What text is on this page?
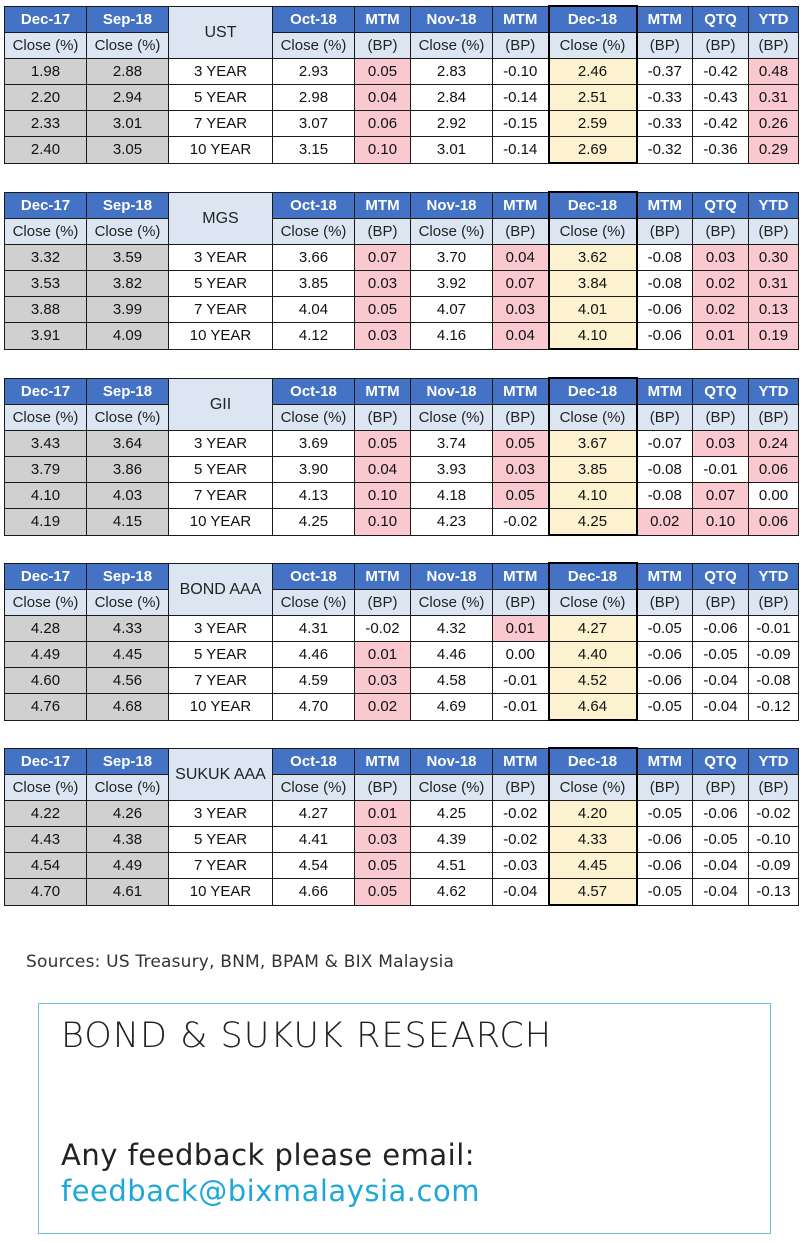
Dec-17	Sep-18	UST	Oct-18	MTM	Nov-18	MTM	Dec-18	MTM	QTQ	YTD
Close (%)	Close (%)		Close (%)	(BP)	Close (%)	(BP)	Close (%)	(BP)	(BP)	(BP)
1.98	2.88	3 YEAR	2.93	0.05	2.83	-0.10	2.46	-0.37	-0.42	0.48
2.20	2.94	5 YEAR	2.98	0.04	2.84	-0.14	2.51	-0.33	-0.43	0.31
2.33	3.01	7 YEAR	3.07	0.06	2.92	-0.15	2.59	-0.33	-0.42	0.26
2.40	3.05	10 YEAR	3.15	0.10	3.01	-0.14	2.69	-0.32	-0.36	0.29
Dec-17	Sep-18	MGS	Oct-18	MTM	Nov-18	MTM	Dec-18	MTM	QTQ	YTD
Close (%)	Close (%)		Close (%)	(BP)	Close (%)	(BP)	Close (%)	(BP)	(BP)	(BP)
3.32	3.59	3 YEAR	3.66	0.07	3.70	0.04	3.62	-0.08	0.03	0.30
3.53	3.82	5 YEAR	3.85	0.03	3.92	0.07	3.84	-0.08	0.02	0.31
3.88	3.99	7 YEAR	4.04	0.05	4.07	0.03	4.01	-0.06	0.02	0.13
3.91	4.09	10 YEAR	4.12	0.03	4.16	0.04	4.10	-0.06	0.01	0.19
Dec-17	Sep-18	GII	Oct-18	MTM	Nov-18	MTM	Dec-18	MTM	QTQ	YTD
Close (%)	Close (%)		Close (%)	(BP)	Close (%)	(BP)	Close (%)	(BP)	(BP)	(BP)
3.43	3.64	3 YEAR	3.69	0.05	3.74	0.05	3.67	-0.07	0.03	0.24
3.79	3.86	5 YEAR	3.90	0.04	3.93	0.03	3.85	-0.08	-0.01	0.06
4.10	4.03	7 YEAR	4.13	0.10	4.18	0.05	4.10	-0.08	0.07	0.00
4.19	4.15	10 YEAR	4.25	0.10	4.23	-0.02	4.25	0.02	0.10	0.06
Dec-17	Sep-18	BOND AAA	Oct-18	MTM	Nov-18	MTM	Dec-18	MTM	QTQ	YTD
Close (%)	Close (%)		Close (%)	(BP)	Close (%)	(BP)	Close (%)	(BP)	(BP)	(BP)
4.28	4.33	3 YEAR	4.31	-0.02	4.32	0.01	4.27	-0.05	-0.06	-0.01
4.49	4.45	5 YEAR	4.46	0.01	4.46	0.00	4.40	-0.06	-0.05	-0.09
4.60	4.56	7 YEAR	4.59	0.03	4.58	-0.01	4.52	-0.06	-0.04	-0.08
4.76	4.68	10 YEAR	4.70	0.02	4.69	-0.01	4.64	-0.05	-0.04	-0.12
Dec-17	Sep-18	SUKUK AAA	Oct-18	MTM	Nov-18	MTM	Dec-18	MTM	QTQ	YTD
Close (%)	Close (%)		Close (%)	(BP)	Close (%)	(BP)	Close (%)	(BP)	(BP)	(BP)
4.22	4.26	3 YEAR	4.27	0.01	4.25	-0.02	4.20	-0.05	-0.06	-0.02
4.43	4.38	5 YEAR	4.41	0.03	4.39	-0.02	4.33	-0.06	-0.05	-0.10
4.54	4.49	7 YEAR	4.54	0.05	4.51	-0.03	4.45	-0.06	-0.04	-0.09
4.70	4.61	10 YEAR	4.66	0.05	4.62	-0.04	4.57	-0.05	-0.04	-0.13
Sources: US Treasury, BNM, BPAM & BIX Malaysia
BOND & SUKUK RESEARCH
Any feedback please email:
feedback@bixmalaysia.com
